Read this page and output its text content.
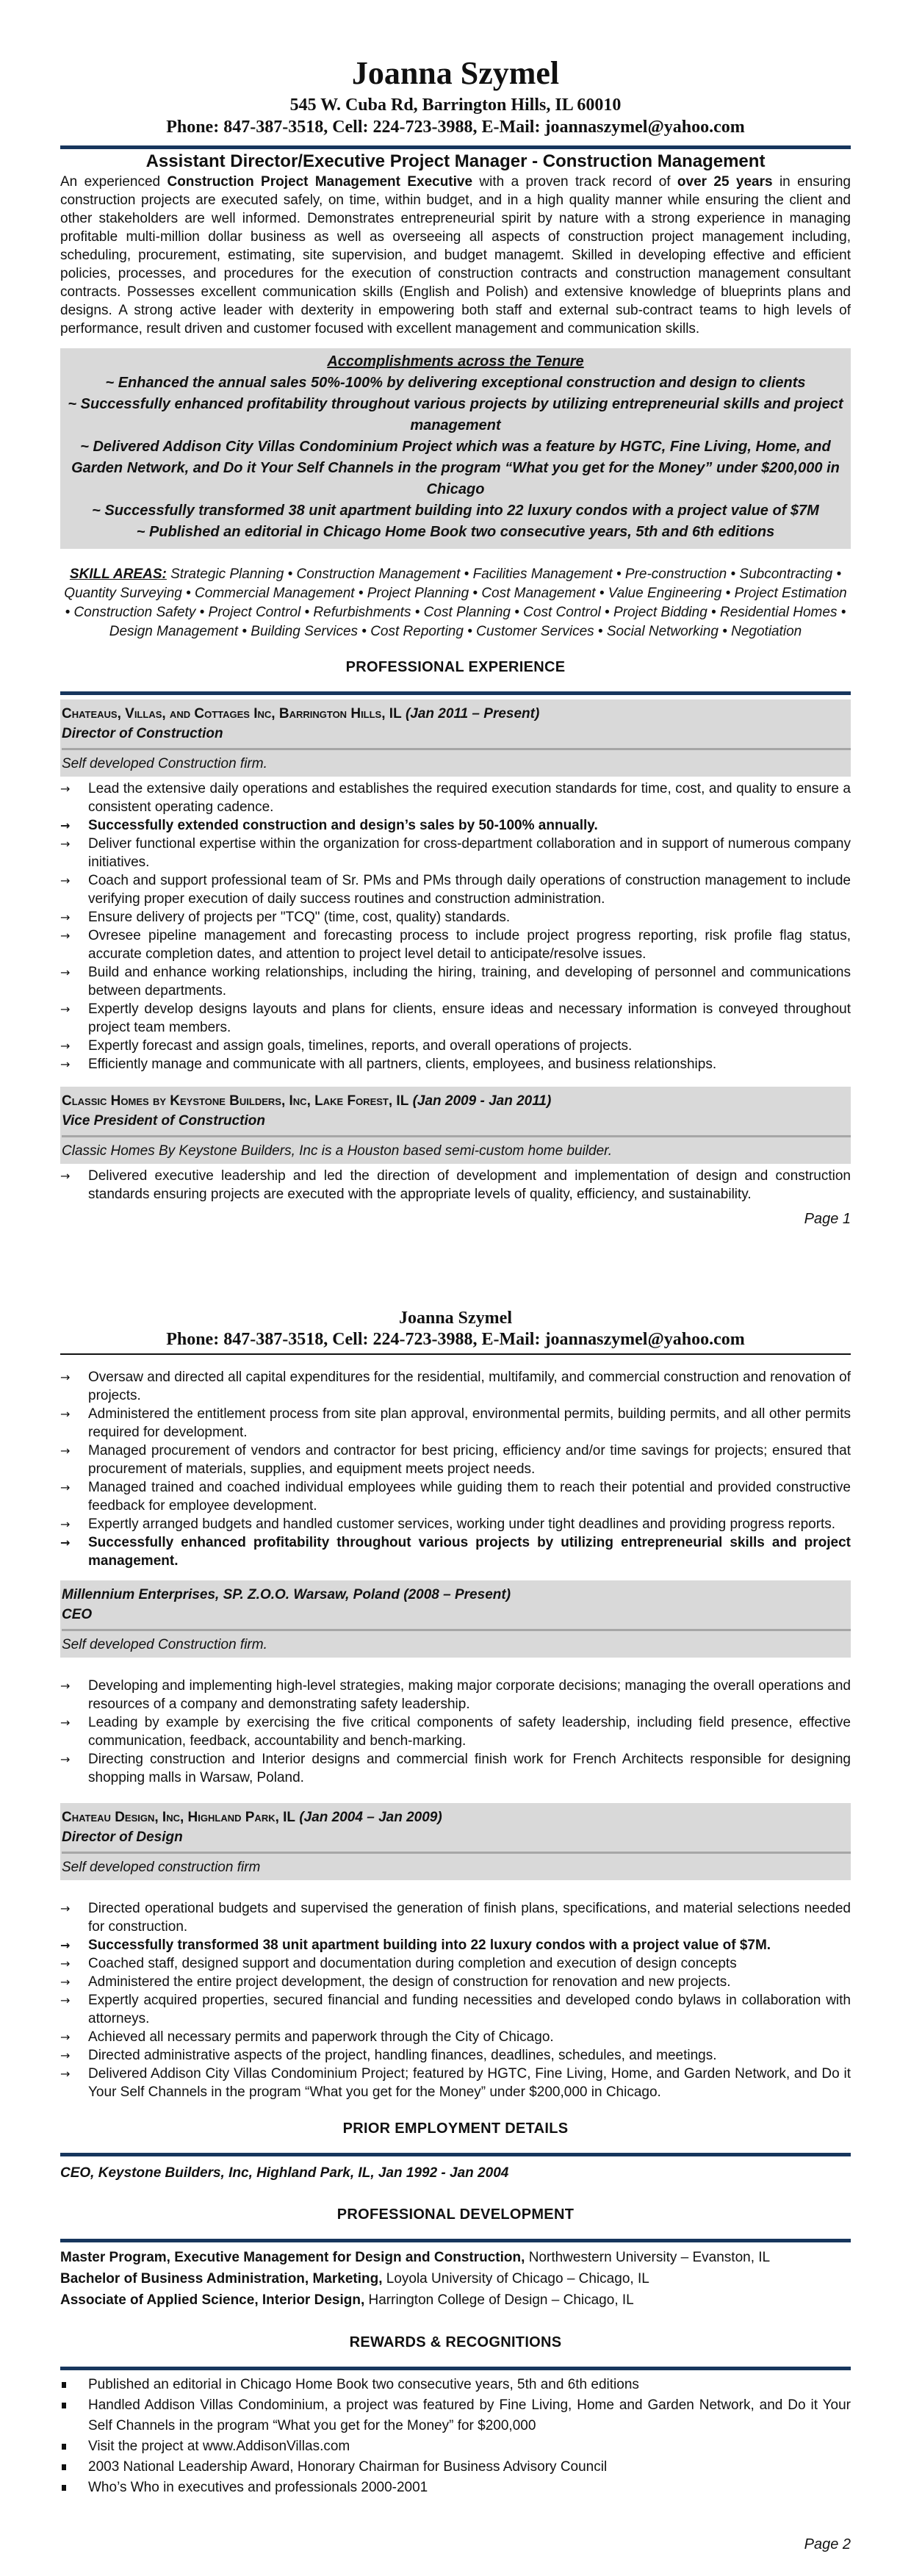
Joanna Szymel
545 W. Cuba Rd, Barrington Hills, IL 60010
Phone: 847-387-3518, Cell: 224-723-3988, E-Mail: joannaszymel@yahoo.com
Assistant Director/Executive Project Manager - Construction Management
An experienced Construction Project Management Executive with a proven track record of over 25 years in ensuring construction projects are executed safely, on time, within budget, and in a high quality manner while ensuring the client and other stakeholders are well informed. Demonstrates entrepreneurial spirit by nature with a strong experience in managing profitable multi-million dollar business as well as overseeing all aspects of construction project management including, scheduling, procurement, estimating, site supervision, and budget managemt. Skilled in developing effective and efficient policies, processes, and procedures for the execution of construction contracts and construction management consultant contracts. Possesses excellent communication skills (English and Polish) and extensive knowledge of blueprints plans and designs. A strong active leader with dexterity in empowering both staff and external sub-contract teams to high levels of performance, result driven and customer focused with excellent management and communication skills.
Accomplishments across the Tenure
~ Enhanced the annual sales 50%-100% by delivering exceptional construction and design to clients
~ Successfully enhanced profitability throughout various projects by utilizing entrepreneurial skills and project management
~ Delivered Addison City Villas Condominium Project which was a feature by HGTC, Fine Living, Home, and Garden Network, and Do it Your Self Channels in the program “What you get for the Money” under $200,000 in Chicago
~ Successfully transformed 38 unit apartment building into 22 luxury condos with a project value of $7M
~ Published an editorial in Chicago Home Book two consecutive years, 5th and 6th editions
SKILL AREAS: Strategic Planning • Construction Management • Facilities Management • Pre-construction • Subcontracting • Quantity Surveying • Commercial Management • Project Planning • Cost Management • Value Engineering • Project Estimation • Construction Safety • Project Control • Refurbishments • Cost Planning • Cost Control • Project Bidding • Residential Homes • Design Management • Building Services • Cost Reporting • Customer Services • Social Networking • Negotiation
PROFESSIONAL EXPERIENCE
Chateaus, Villas, and Cottages Inc, Barrington Hills, IL (Jan 2011 – Present)
Director of Construction
Self developed Construction firm.
→ Lead the extensive daily operations and establishes the required execution standards for time, cost, and quality to ensure a consistent operating cadence.
→ Successfully extended construction and design’s sales by 50-100% annually.
→ Deliver functional expertise within the organization for cross-department collaboration and in support of numerous company initiatives.
→ Coach and support professional team of Sr. PMs and PMs through daily operations of construction management to include verifying proper execution of daily success routines and construction administration.
→ Ensure delivery of projects per "TCQ" (time, cost, quality) standards.
→ Ovresee pipeline management and forecasting process to include project progress reporting, risk profile flag status, accurate completion dates, and attention to project level detail to anticipate/resolve issues.
→ Build and enhance working relationships, including the hiring, training, and developing of personnel and communications between departments.
→ Expertly develop designs layouts and plans for clients, ensure ideas and necessary information is conveyed throughout project team members.
→ Expertly forecast and assign goals, timelines, reports, and overall operations of projects.
→ Efficiently manage and communicate with all partners, clients, employees, and business relationships.
Classic Homes by Keystone Builders, Inc, Lake Forest, IL (Jan 2009 - Jan 2011)
Vice President of Construction
Classic Homes By Keystone Builders, Inc is a Houston based semi-custom home builder.
→ Delivered executive leadership and led the direction of development and implementation of design and construction standards ensuring projects are executed with the appropriate levels of quality, efficiency, and sustainability.
Page 1
Joanna Szymel
Phone: 847-387-3518, Cell: 224-723-3988, E-Mail: joannaszymel@yahoo.com
→ Oversaw and directed all capital expenditures for the residential, multifamily, and commercial construction and renovation of projects.
→ Administered the entitlement process from site plan approval, environmental permits, building permits, and all other permits required for development.
→ Managed procurement of vendors and contractor for best pricing, efficiency and/or time savings for projects; ensured that procurement of materials, supplies, and equipment meets project needs.
→ Managed trained and coached individual employees while guiding them to reach their potential and provided constructive feedback for employee development.
→ Expertly arranged budgets and handled customer services, working under tight deadlines and providing progress reports.
→ Successfully enhanced profitability throughout various projects by utilizing entrepreneurial skills and project management.
Millennium Enterprises, SP. Z.O.O. Warsaw, Poland (2008 – Present)
CEO
Self developed Construction firm.
→ Developing and implementing high-level strategies, making major corporate decisions; managing the overall operations and resources of a company and demonstrating safety leadership.
→ Leading by example by exercising the five critical components of safety leadership, including field presence, effective communication, feedback, accountability and bench-marking.
→ Directing construction and Interior designs and commercial finish work for French Architects responsible for designing shopping malls in Warsaw, Poland.
Chateau Design, Inc, Highland Park, IL (Jan 2004 – Jan 2009)
Director of Design
Self developed construction firm
→ Directed operational budgets and supervised the generation of finish plans, specifications, and material selections needed for construction.
→ Successfully transformed 38 unit apartment building into 22 luxury condos with a project value of $7M.
→ Coached staff, designed support and documentation during completion and execution of design concepts
→ Administered the entire project development, the design of construction for renovation and new projects.
→ Expertly acquired properties, secured financial and funding necessities and developed condo bylaws in collaboration with attorneys.
→ Achieved all necessary permits and paperwork through the City of Chicago.
→ Directed administrative aspects of the project, handling finances, deadlines, schedules, and meetings.
→ Delivered Addison City Villas Condominium Project; featured by HGTC, Fine Living, Home, and Garden Network, and Do it Your Self Channels in the program “What you get for the Money” under $200,000 in Chicago.
PRIOR EMPLOYMENT DETAILS
CEO, Keystone Builders, Inc, Highland Park, IL, Jan 1992 - Jan 2004
PROFESSIONAL DEVELOPMENT
Master Program, Executive Management for Design and Construction, Northwestern University – Evanston, IL
Bachelor of Business Administration, Marketing, Loyola University of Chicago – Chicago, IL
Associate of Applied Science, Interior Design, Harrington College of Design – Chicago, IL
REWARDS & RECOGNITIONS
Published an editorial in Chicago Home Book two consecutive years, 5th and 6th editions
Handled Addison Villas Condominium, a project was featured by Fine Living, Home and Garden Network, and Do it Your Self Channels in the program “What you get for the Money” for $200,000
Visit the project at www.AddisonVillas.com
2003 National Leadership Award, Honorary Chairman for Business Advisory Council
Who’s Who in executives and professionals 2000-2001
Page 2
